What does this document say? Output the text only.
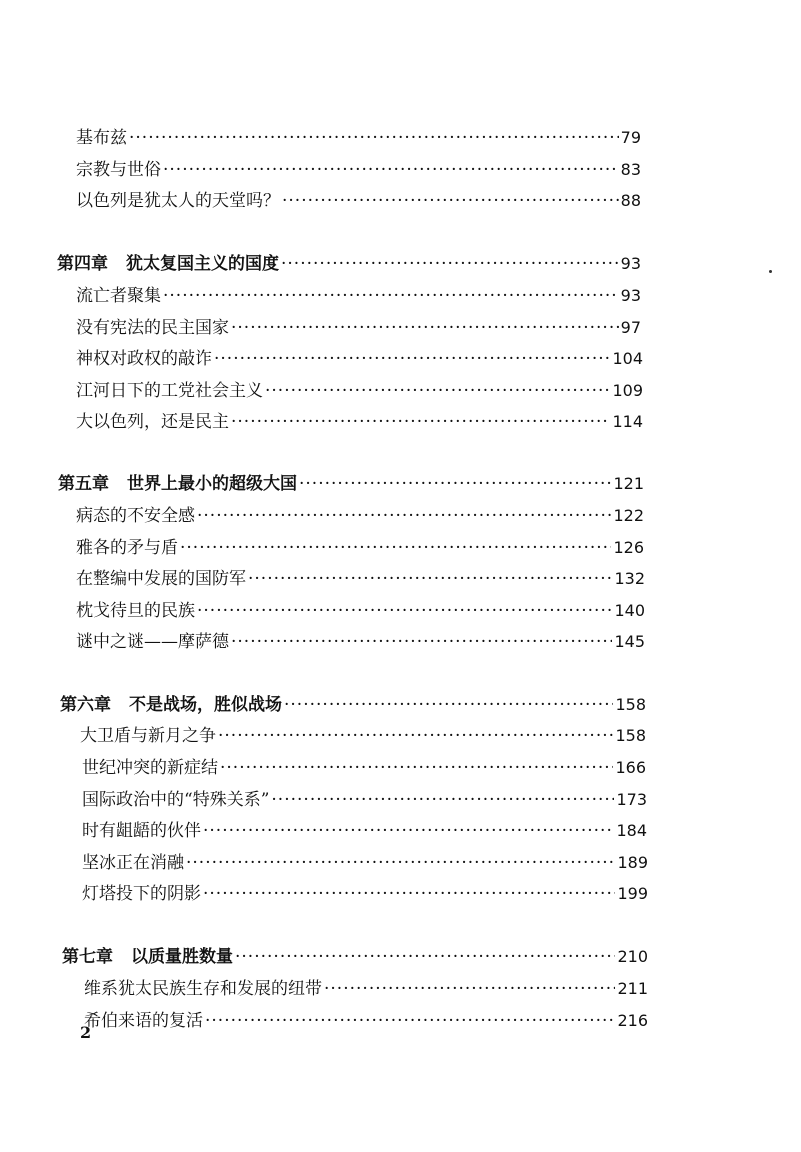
基布兹 ·····	79
宗教与世俗 ·····	83
以色列是犹太人的天堂吗？ ·····	88
第四章 犹太复国主义的国度 ·····	93
流亡者聚集 ·····	93
没有宪法的民主国家 ·····	97
神权对政权的敲诈 ·····	104
江河日下的工党社会主义 ·····	109
大以色列，还是民主 ·····	114
第五章 世界上最小的超级大国 ·····	121
病态的不安全感 ·····	122
雅各的矛与盾 ·····	126
在整编中发展的国防军 ·····	132
枕戈待旦的民族 ·····	140
谜中之谜——摩萨德 ·····	145
第六章 不是战场，胜似战场 ·····	158
大卫盾与新月之争 ·····	158
世纪冲突的新症结 ·····	166
国际政治中的“特殊关系” ·····	173
时有龃龉的伙伴 ·····	184
坚冰正在消融 ·····	189
灯塔投下的阴影 ·····	199
第七章 以质量胜数量 ·····	210
维系犹太民族生存和发展的纽带 ·····	211
希伯来语的复活 ·····	216
2
